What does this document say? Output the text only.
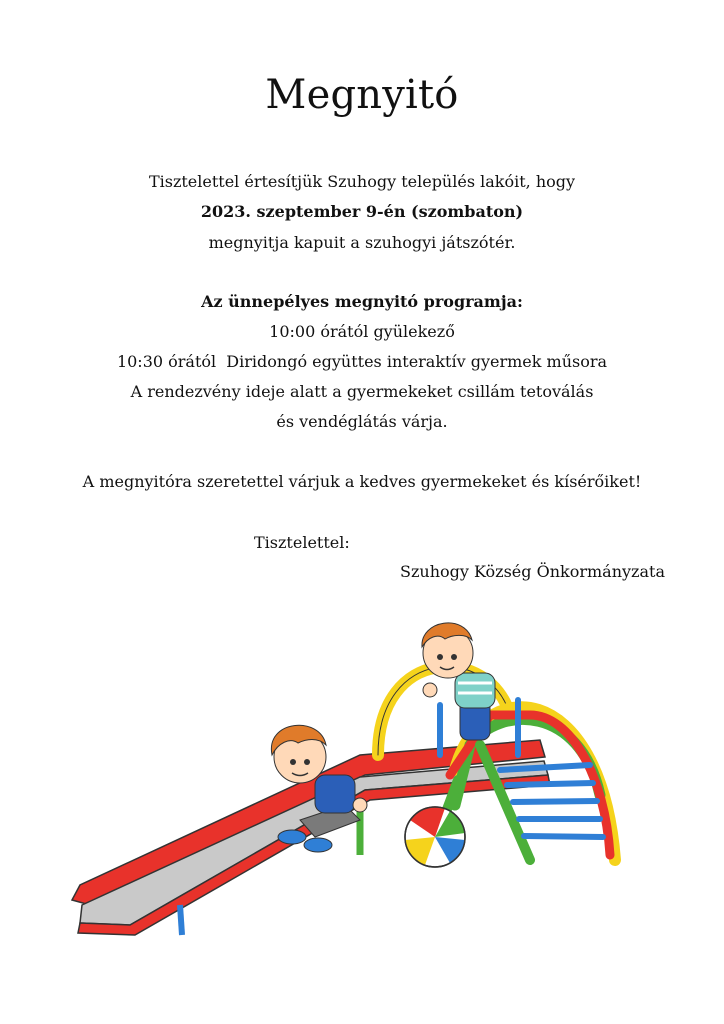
Megnyitó
Tisztelettel értesítjük Szuhogy település lakóit, hogy
2023. szeptember 9-én (szombaton)
megnyitja kapuit a szuhogyi játszótér.
Az ünnepélyes megnyitó programja:
10:00 órától gyülekező
10:30 órától  Diridongó együttes interaktív gyermek műsora
A rendezvény ideje alatt a gyermekeket csillám tetoválás
és vendéglátás várja.
A megnyitóra szeretettel várjuk a kedves gyermekeket és kísérőiket!
Tisztelettel:
Szuhogy Község Önkormányzata
